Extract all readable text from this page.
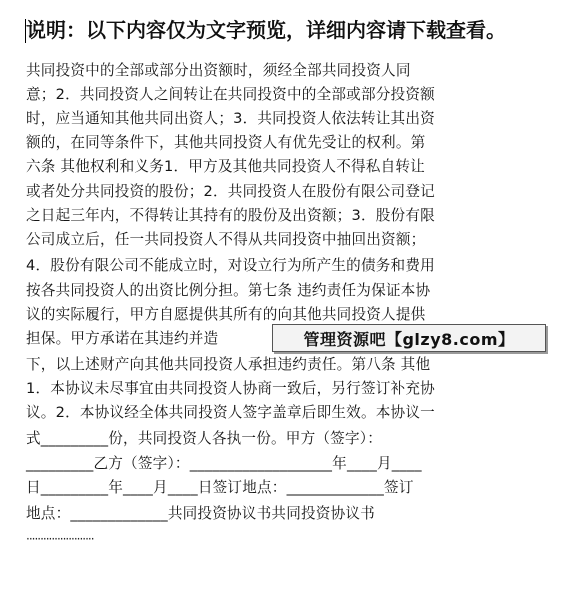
说明：以下内容仅为文字预览，详细内容请下载查看。
共同投资中的全部或部分出资额时，须经全部共同投资人同
意；2．共同投资人之间转让在共同投资中的全部或部分投资额
时，应当通知其他共同出资人；3．共同投资人依法转让其出资
额的，在同等条件下，其他共同投资人有优先受让的权利。第
六条 其他权利和义务1．甲方及其他共同投资人不得私自转让
或者处分共同投资的股份；2．共同投资人在股份有限公司登记
之日起三年内，不得转让其持有的股份及出资额；3．股份有限
公司成立后，任一共同投资人不得从共同投资中抽回出资额；
4．股份有限公司不能成立时，对设立行为所产生的债务和费用
按各共同投资人的出资比例分担。第七条 违约责任为保证本协
议的实际履行，甲方自愿提供其所有的向其他共同投资人提供
担保。甲方承诺在其违约并造
下，以上述财产向其他共同投资人承担违约责任。第八条 其他
1．本协议未尽事宜由共同投资人协商一致后，另行签订补充协
议。2．本协议经全体共同投资人签字盖章后即生效。本协议一
式_________份，共同投资人各执一份。甲方（签字）：
_________乙方（签字）：___________________年____月____
日_________年____月____日签订地点：_____________签订
地点：_____________共同投资协议书共同投资协议书
························
管理资源吧【glzy8.com】
